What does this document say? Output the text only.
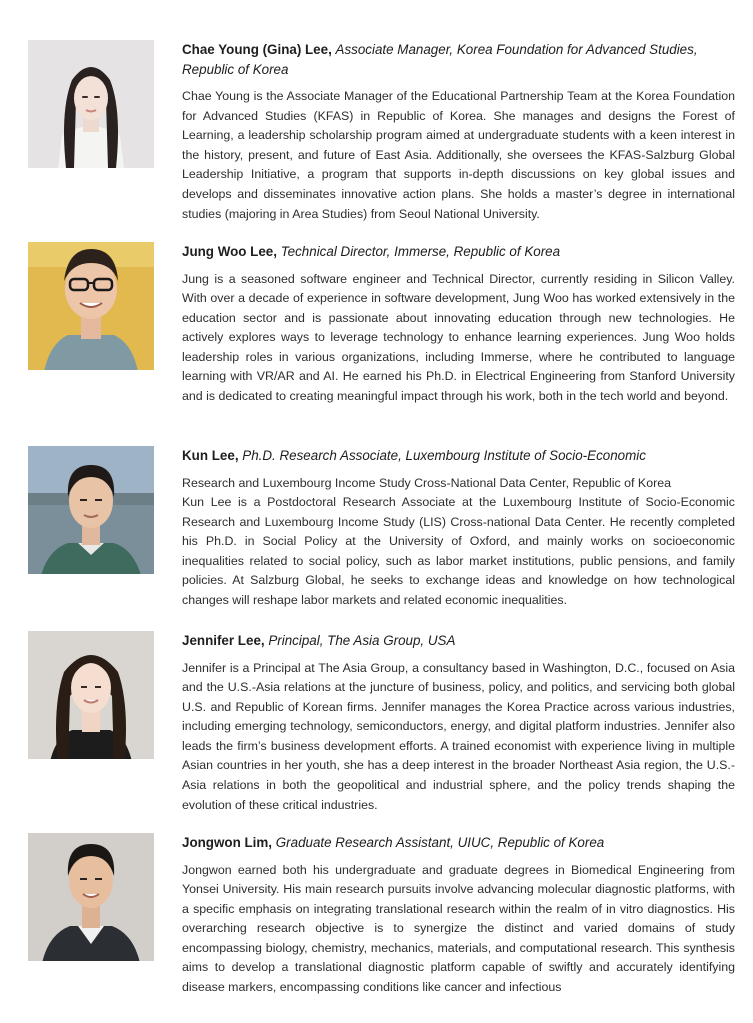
Chae Young (Gina) Lee, Associate Manager, Korea Foundation for Advanced Studies, Republic of Korea

Chae Young is the Associate Manager of the Educational Partnership Team at the Korea Foundation for Advanced Studies (KFAS) in Republic of Korea. She manages and designs the Forest of Learning, a leadership scholarship program aimed at undergraduate students with a keen interest in the history, present, and future of East Asia. Additionally, she oversees the KFAS-Salzburg Global Leadership Initiative, a program that supports in-depth discussions on key global issues and develops and disseminates innovative action plans. She holds a master’s degree in international studies (majoring in Area Studies) from Seoul National University.

Jung Woo Lee, Technical Director, Immerse, Republic of Korea

Jung is a seasoned software engineer and Technical Director, currently residing in Silicon Valley. With over a decade of experience in software development, Jung Woo has worked extensively in the education sector and is passionate about innovating education through new technologies. He actively explores ways to leverage technology to enhance learning experiences. Jung Woo holds leadership roles in various organizations, including Immerse, where he contributed to language learning with VR/AR and AI. He earned his Ph.D. in Electrical Engineering from Stanford University and is dedicated to creating meaningful impact through his work, both in the tech world and beyond.

Kun Lee, Ph.D. Research Associate, Luxembourg Institute of Socio-Economic

Research and Luxembourg Income Study Cross-National Data Center, Republic of Korea

Kun Lee is a Postdoctoral Research Associate at the Luxembourg Institute of Socio-Economic Research and Luxembourg Income Study (LIS) Cross-national Data Center. He recently completed his Ph.D. in Social Policy at the University of Oxford, and mainly works on socioeconomic inequalities related to social policy, such as labor market institutions, public pensions, and family policies. At Salzburg Global, he seeks to exchange ideas and knowledge on how technological changes will reshape labor markets and related economic inequalities.

Jennifer Lee, Principal, The Asia Group, USA

Jennifer is a Principal at The Asia Group, a consultancy based in Washington, D.C., focused on Asia and the U.S.-Asia relations at the juncture of business, policy, and politics, and servicing both global U.S. and Republic of Korean firms. Jennifer manages the Korea Practice across various industries, including emerging technology, semiconductors, energy, and digital platform industries. Jennifer also leads the firm’s business development efforts. A trained economist with experience living in multiple Asian countries in her youth, she has a deep interest in the broader Northeast Asia region, the U.S.-Asia relations in both the geopolitical and industrial sphere, and the policy trends shaping the evolution of these critical industries.

Jongwon Lim, Graduate Research Assistant, UIUC, Republic of Korea

Jongwon earned both his undergraduate and graduate degrees in Biomedical Engineering from Yonsei University. His main research pursuits involve advancing molecular diagnostic platforms, with a specific emphasis on integrating translational research within the realm of in vitro diagnostics. His overarching research objective is to synergize the distinct and varied domains of study encompassing biology, chemistry, mechanics, materials, and computational research. This synthesis aims to develop a translational diagnostic platform capable of swiftly and accurately identifying disease markers, encompassing conditions like cancer and infectious
